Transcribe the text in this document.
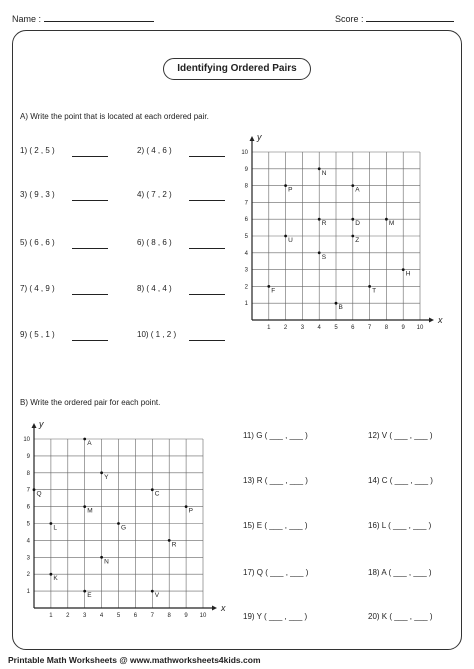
Name :	Score :
Identifying Ordered Pairs
A) Write the point that is located at each ordered pair.
1) ( 2 , 5 )	2) ( 4 , 6 )
3) ( 9 , 3 )	4) ( 7 , 2 )
5) ( 6 , 6 )	6) ( 8 , 6 )
7) ( 4 , 9 )	8) ( 4 , 4 )
9) ( 5 , 1 )	10) ( 1 , 2 )
x
y
1
1
2
2
3
3
4
4
5
5
6
6
7
7
8
8
9
9
10
10
N
A
P
R	D	M
U	Z
S
H
T
F
B
B) Write the ordered pair for each point.
x
y
1
1
2
2
3
3
4
4
5
5
6
6
7
7
8
8
9
9
10
10	A
Y
Q	C
M	P
L	G
R
N
K
E	V
11) G ( ___ , ___ )	12) V ( ___ , ___ )
13) R ( ___ , ___ )	14) C ( ___ , ___ )
15) E ( ___ , ___ )	16) L ( ___ , ___ )
17) Q ( ___ , ___ )	18) A ( ___ , ___ )
19) Y ( ___ , ___ )	20) K ( ___ , ___ )
Printable Math Worksheets @ www.mathworksheets4kids.com
